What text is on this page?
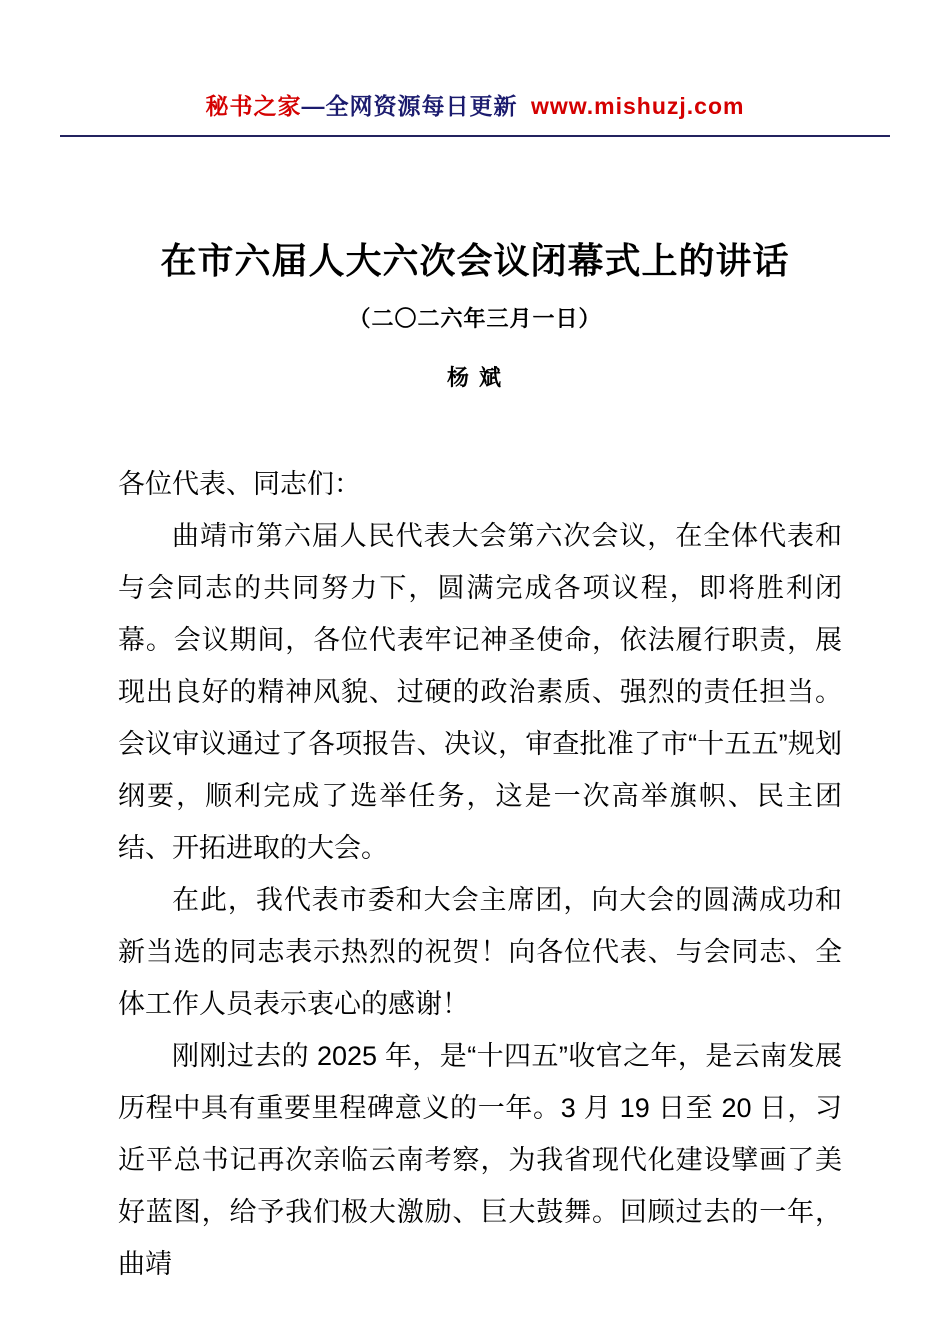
秘书之家—全网资源每日更新 www.mishuzj.com
在市六届人大六次会议闭幕式上的讲话
（二〇二六年三月一日）
杨 斌

各位代表、同志们：

曲靖市第六届人民代表大会第六次会议，在全体代表和与会同志的共同努力下，圆满完成各项议程，即将胜利闭幕。会议期间，各位代表牢记神圣使命，依法履行职责，展现出良好的精神风貌、过硬的政治素质、强烈的责任担当。会议审议通过了各项报告、决议，审查批准了市“十五五”规划纲要，顺利完成了选举任务，这是一次高举旗帜、民主团结、开拓进取的大会。

在此，我代表市委和大会主席团，向大会的圆满成功和新当选的同志表示热烈的祝贺！向各位代表、与会同志、全体工作人员表示衷心的感谢！

刚刚过去的 2025 年，是“十四五”收官之年，是云南发展历程中具有重要里程碑意义的一年。3 月 19 日至 20 日，习近平总书记再次亲临云南考察，为我省现代化建设擘画了美好蓝图，给予我们极大激励、巨大鼓舞。回顾过去的一年，曲靖
